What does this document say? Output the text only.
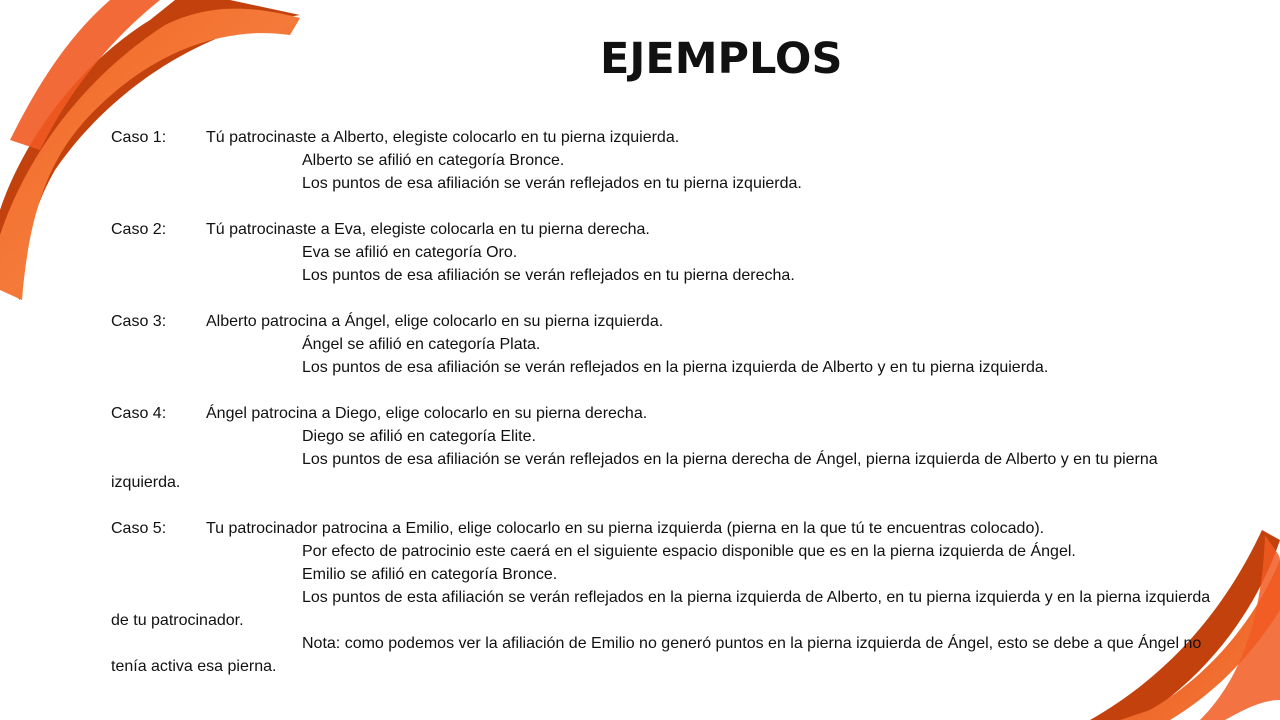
EJEMPLOS
Caso 1: Tú patrocinaste a Alberto, elegiste colocarlo en tu pierna izquierda.
Alberto se afilió en categoría Bronce.
Los puntos de esa afiliación se verán reflejados en tu pierna izquierda.
Caso 2: Tú patrocinaste a Eva, elegiste colocarla en tu pierna derecha.
Eva se afilió en categoría Oro.
Los puntos de esa afiliación se verán reflejados en tu pierna derecha.
Caso 3: Alberto patrocina a Ángel, elige colocarlo en su pierna izquierda.
Ángel se afilió en categoría Plata.
Los puntos de esa afiliación se verán reflejados en la pierna izquierda de Alberto y en tu pierna izquierda.
Caso 4: Ángel patrocina a Diego, elige colocarlo en su pierna derecha.
Diego se afilió en categoría Elite.
Los puntos de esa afiliación se verán reflejados en la pierna derecha de Ángel, pierna izquierda de Alberto y en tu pierna izquierda.
Caso 5: Tu patrocinador patrocina a Emilio, elige colocarlo en su pierna izquierda (pierna en la que tú te encuentras colocado).
Por efecto de patrocinio este caerá en el siguiente espacio disponible que es en la pierna izquierda de Ángel.
Emilio se afilió en categoría Bronce.
Los puntos de esta afiliación se verán reflejados en la pierna izquierda de Alberto, en tu pierna izquierda y en la pierna izquierda de tu patrocinador.
Nota: como podemos ver la afiliación de Emilio no generó puntos en la pierna izquierda de Ángel, esto se debe a que Ángel no tenía activa esa pierna.
